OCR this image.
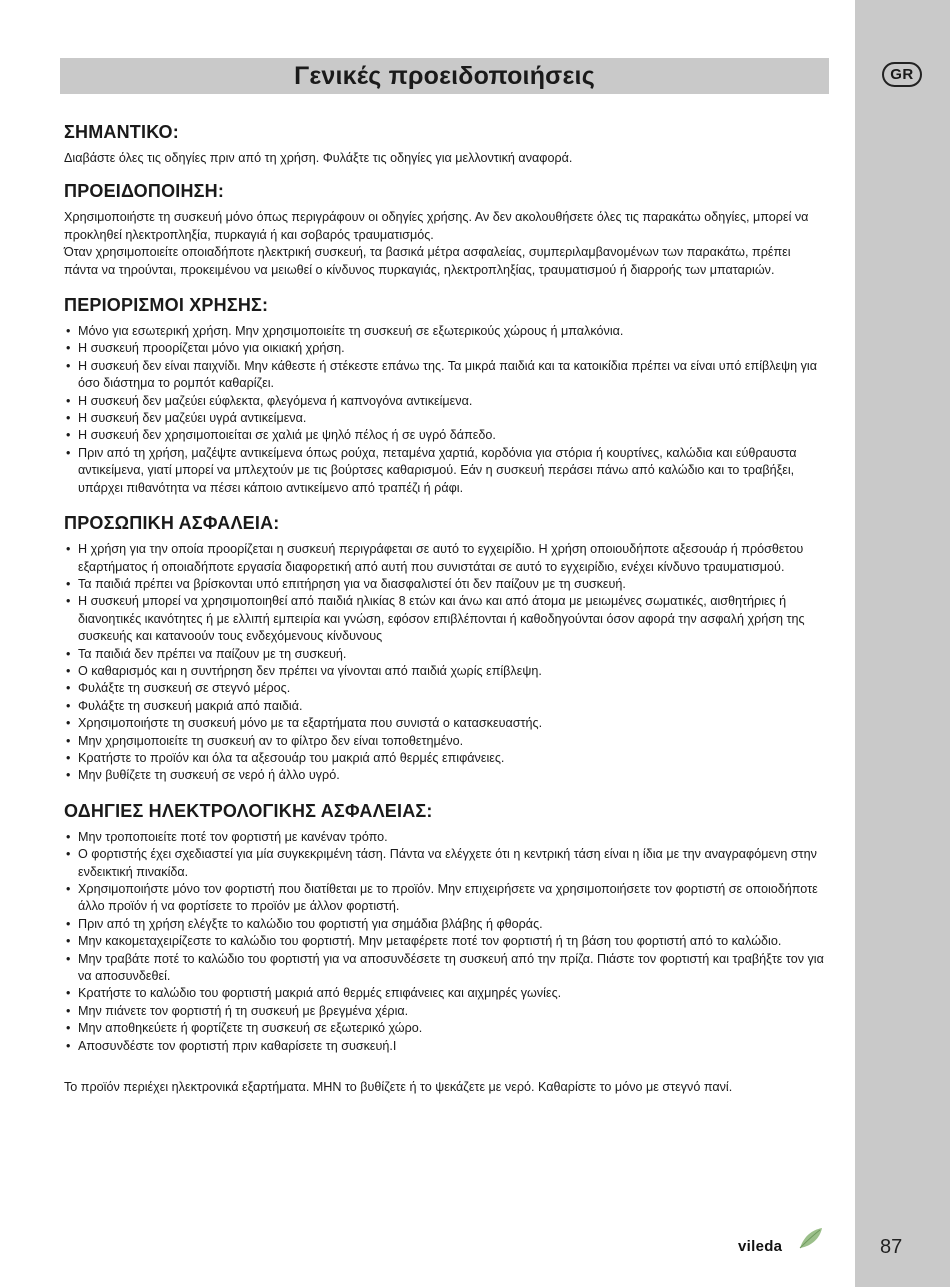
GR
87
Γενικές προειδοποιήσεις
ΣΗΜΑΝΤΙΚΟ:

Διαβάστε όλες τις οδηγίες πριν από τη χρήση. Φυλάξτε τις οδηγίες για μελλοντική αναφορά.

ΠΡΟΕΙΔΟΠΟΙΗΣΗ:

Χρησιμοποιήστε τη συσκευή μόνο όπως περιγράφουν οι οδηγίες χρήσης. Αν δεν ακολουθήσετε όλες τις παρακάτω οδηγίες, μπορεί να προκληθεί ηλεκτροπληξία, πυρκαγιά ή και σοβαρός τραυματισμός.

Όταν χρησιμοποιείτε οποιαδήποτε ηλεκτρική συσκευή, τα βασικά μέτρα ασφαλείας, συμπεριλαμβανομένων των παρακάτω, πρέπει πάντα να τηρούνται, προκειμένου να μειωθεί ο κίνδυνος πυρκαγιάς, ηλεκτροπληξίας, τραυματισμού ή διαρροής των μπαταριών.

ΠΕΡΙΟΡΙΣΜΟΙ ΧΡΗΣΗΣ:
• Μόνο για εσωτερική χρήση. Μην χρησιμοποιείτε τη συσκευή σε εξωτερικούς χώρους ή μπαλκόνια.
• Η συσκευή προορίζεται μόνο για οικιακή χρήση.
• Η συσκευή δεν είναι παιχνίδι. Μην κάθεστε ή στέκεστε επάνω της. Τα μικρά παιδιά και τα κατοικίδια πρέπει να είναι υπό επίβλεψη για όσο διάστημα το ρομπότ καθαρίζει.
• Η συσκευή δεν μαζεύει εύφλεκτα, φλεγόμενα ή καπνογόνα αντικείμενα.
• Η συσκευή δεν μαζεύει υγρά αντικείμενα.
• Η συσκευή δεν χρησιμοποιείται σε χαλιά με ψηλό πέλος ή σε υγρό δάπεδο.
• Πριν από τη χρήση, μαζέψτε αντικείμενα όπως ρούχα, πεταμένα χαρτιά, κορδόνια για στόρια ή κουρτίνες, καλώδια και εύθραυστα αντικείμενα, γιατί μπορεί να μπλεχτούν με τις βούρτσες καθαρισμού. Εάν η συσκευή περάσει πάνω από καλώδιο και το τραβήξει, υπάρχει πιθανότητα να πέσει κάποιο αντικείμενο από τραπέζι ή ράφι.
ΠΡΟΣΩΠΙΚΗ ΑΣΦΑΛΕΙΑ:
• Η χρήση για την οποία προορίζεται η συσκευή περιγράφεται σε αυτό το εγχειρίδιο. Η χρήση οποιουδήποτε αξεσουάρ ή πρόσθετου εξαρτήματος ή οποιαδήποτε εργασία διαφορετική από αυτή που συνιστάται σε αυτό το εγχειρίδιο, ενέχει κίνδυνο τραυματισμού.
• Τα παιδιά πρέπει να βρίσκονται υπό επιτήρηση για να διασφαλιστεί ότι δεν παίζουν με τη συσκευή.
• Η συσκευή μπορεί να χρησιμοποιηθεί από παιδιά ηλικίας 8 ετών και άνω και από άτομα με μειωμένες σωματικές, αισθητήριες ή διανοητικές ικανότητες ή με ελλιπή εμπειρία και γνώση, εφόσον επιβλέπονται ή καθοδηγούνται όσον αφορά την ασφαλή χρήση της συσκευής και κατανοούν τους ενδεχόμενους κίνδυνους
• Τα παιδιά δεν πρέπει να παίζουν με τη συσκευή.
• Ο καθαρισμός και η συντήρηση δεν πρέπει να γίνονται από παιδιά χωρίς επίβλεψη.
• Φυλάξτε τη συσκευή σε στεγνό μέρος.
• Φυλάξτε τη συσκευή μακριά από παιδιά.
• Χρησιμοποιήστε τη συσκευή μόνο με τα εξαρτήματα που συνιστά ο κατασκευαστής.
• Μην χρησιμοποιείτε τη συσκευή αν το φίλτρο δεν είναι τοποθετημένο.
• Κρατήστε το προϊόν και όλα τα αξεσουάρ του μακριά από θερμές επιφάνειες.
• Μην βυθίζετε τη συσκευή σε νερό ή άλλο υγρό.
ΟΔΗΓΙΕΣ ΗΛΕΚΤΡΟΛΟΓΙΚΗΣ ΑΣΦΑΛΕΙΑΣ:
• Μην τροποποιείτε ποτέ τον φορτιστή με κανέναν τρόπο.
• Ο φορτιστής έχει σχεδιαστεί για μία συγκεκριμένη τάση. Πάντα να ελέγχετε ότι η κεντρική τάση είναι η ίδια με την αναγραφόμενη στην ενδεικτική πινακίδα.
• Χρησιμοποιήστε μόνο τον φορτιστή που διατίθεται με το προϊόν. Μην επιχειρήσετε να χρησιμοποιήσετε τον φορτιστή σε οποιοδήποτε άλλο προϊόν ή να φορτίσετε το προϊόν με άλλον φορτιστή.
• Πριν από τη χρήση ελέγξτε το καλώδιο του φορτιστή για σημάδια βλάβης ή φθοράς.
• Μην κακομεταχειρίζεστε το καλώδιο του φορτιστή. Μην μεταφέρετε ποτέ τον φορτιστή ή τη βάση του φορτιστή από το καλώδιο.
• Μην τραβάτε ποτέ το καλώδιο του φορτιστή για να αποσυνδέσετε τη συσκευή από την πρίζα. Πιάστε τον φορτιστή και τραβήξτε τον για να αποσυνδεθεί.
• Κρατήστε το καλώδιο του φορτιστή μακριά από θερμές επιφάνειες και αιχμηρές γωνίες.
• Μην πιάνετε τον φορτιστή ή τη συσκευή με βρεγμένα χέρια.
• Μην αποθηκεύετε ή φορτίζετε τη συσκευή σε εξωτερικό χώρο.
• Αποσυνδέστε τον φορτιστή πριν καθαρίσετε τη συσκευή.I

Το προϊόν περιέχει ηλεκτρονικά εξαρτήματα. ΜΗΝ το βυθίζετε ή το ψεκάζετε με νερό. Καθαρίστε το μόνο με στεγνό πανί.

vileda
